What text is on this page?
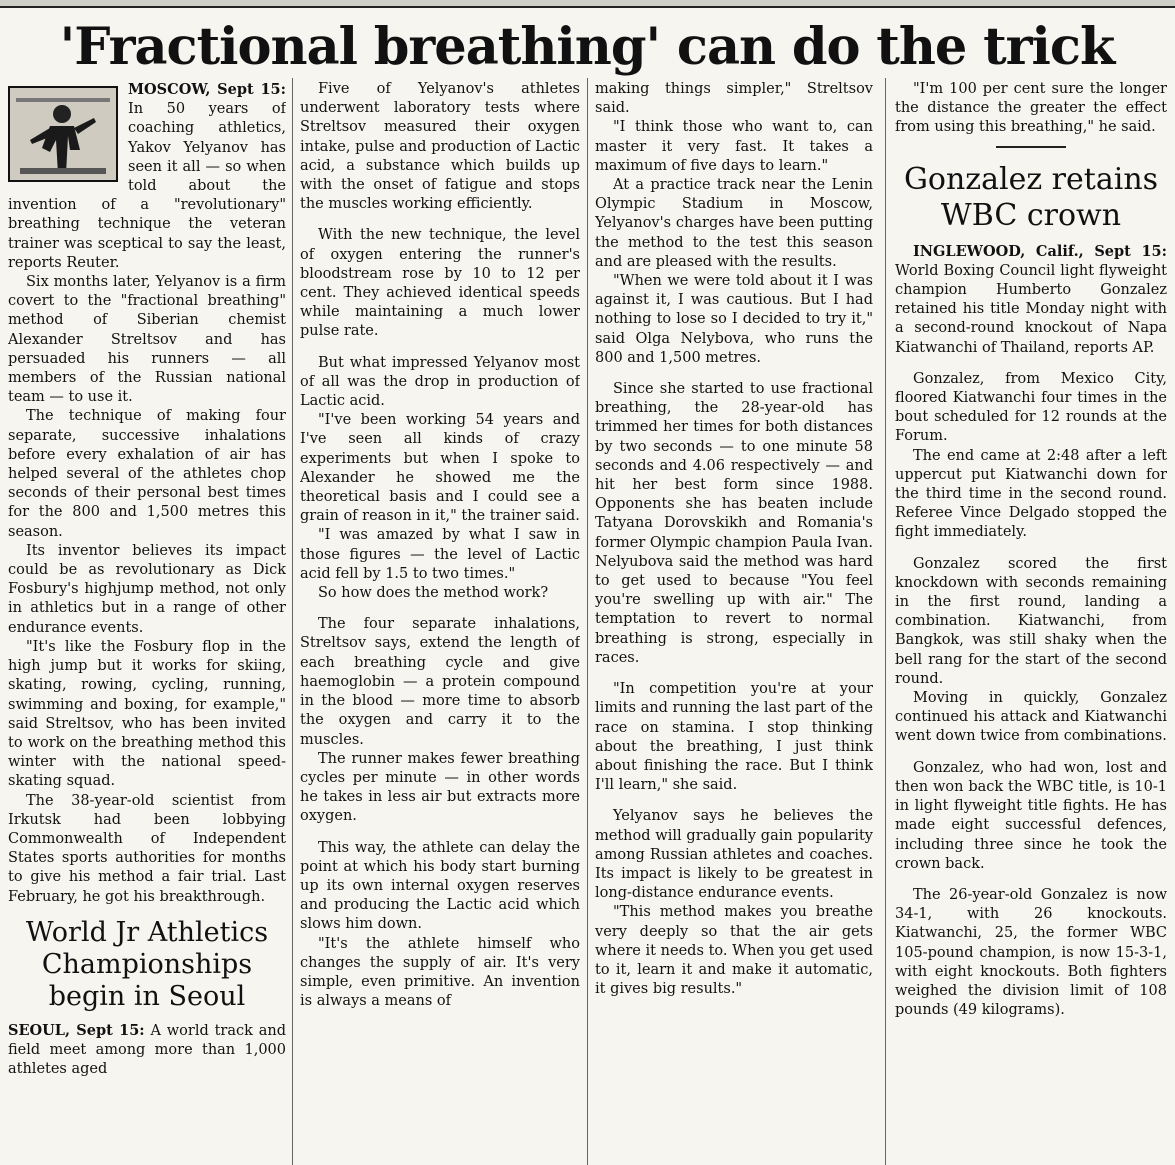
'Fractional breathing' can do the trick

MOSCOW, Sept 15: In 50 years of coaching athletics, Yakov Yelyanov has seen it all — so when told about the invention of a "revolutionary" breathing technique the veteran trainer was sceptical to say the least, reports Reuter.

Six months later, Yelyanov is a firm covert to the "fractional breathing" method of Siberian chemist Alexander Streltsov and has persuaded his runners — all members of the Russian national team — to use it.

The technique of making four separate, successive inhalations before every exhalation of air has helped several of the athletes chop seconds of their personal best times for the 800 and 1,500 metres this season.

Its inventor believes its impact could be as revolutionary as Dick Fosbury's highjump method, not only in athletics but in a range of other endurance events.

"It's like the Fosbury flop in the high jump but it works for skiing, skating, rowing, cycling, running, swimming and boxing, for example," said Streltsov, who has been invited to work on the breathing method this winter with the national speed-skating squad.

The 38-year-old scientist from Irkutsk had been lobbying Commonwealth of Independent States sports authorities for months to give his method a fair trial. Last February, he got his breakthrough.

World Jr Athletics Championships begin in Seoul

SEOUL, Sept 15: A world track and field meet among more than 1,000 athletes aged

Five of Yelyanov's athletes underwent laboratory tests where Streltsov measured their oxygen intake, pulse and production of Lactic acid, a substance which builds up with the onset of fatigue and stops the muscles working efficiently.

With the new technique, the level of oxygen entering the runner's bloodstream rose by 10 to 12 per cent. They achieved identical speeds while maintaining a much lower pulse rate.

But what impressed Yelyanov most of all was the drop in production of Lactic acid.

"I've been working 54 years and I've seen all kinds of crazy experiments but when I spoke to Alexander he showed me the theoretical basis and I could see a grain of reason in it," the trainer said.

"I was amazed by what I saw in those figures — the level of Lactic acid fell by 1.5 to two times."

So how does the method work?

The four separate inhalations, Streltsov says, extend the length of each breathing cycle and give haemoglobin — a protein compound in the blood — more time to absorb the oxygen and carry it to the muscles.

The runner makes fewer breathing cycles per minute — in other words he takes in less air but extracts more oxygen.

This way, the athlete can delay the point at which his body start burning up its own internal oxygen reserves and producing the Lactic acid which slows him down.

"It's the athlete himself who changes the supply of air. It's very simple, even primitive. An invention is always a means of

making things simpler," Streltsov said.

"I think those who want to, can master it very fast. It takes a maximum of five days to learn."

At a practice track near the Lenin Olympic Stadium in Moscow, Yelyanov's charges have been putting the method to the test this season and are pleased with the results.

"When we were told about it I was against it, I was cautious. But I had nothing to lose so I decided to try it," said Olga Nelybova, who runs the 800 and 1,500 metres.

Since she started to use fractional breathing, the 28-year-old has trimmed her times for both distances by two seconds — to one minute 58 seconds and 4.06 respectively — and hit her best form since 1988. Opponents she has beaten include Tatyana Dorovskikh and Romania's former Olympic champion Paula Ivan. Nelyubova said the method was hard to get used to because "You feel you're swelling up with air." The temptation to revert to normal breathing is strong, especially in races.

"In competition you're at your limits and running the last part of the race on stamina. I stop thinking about the breathing, I just think about finishing the race. But I think I'll learn," she said.

Yelyanov says he believes the method will gradually gain popularity among Russian athletes and coaches. Its impact is likely to be greatest in long-distance endurance events.

"This method makes you breathe very deeply so that the air gets where it needs to. When you get used to it, learn it and make it automatic, it gives big results."

"I'm 100 per cent sure the longer the distance the greater the effect from using this breathing," he said.

Gonzalez retains WBC crown

INGLEWOOD, Calif., Sept 15: World Boxing Council light flyweight champion Humberto Gonzalez retained his title Monday night with a second-round knockout of Napa Kiatwanchi of Thailand, reports AP.

Gonzalez, from Mexico City, floored Kiatwanchi four times in the bout scheduled for 12 rounds at the Forum.

The end came at 2:48 after a left uppercut put Kiatwanchi down for the third time in the second round. Referee Vince Delgado stopped the fight immediately.

Gonzalez scored the first knockdown with seconds remaining in the first round, landing a combination. Kiatwanchi, from Bangkok, was still shaky when the bell rang for the start of the second round.

Moving in quickly, Gonzalez continued his attack and Kiatwanchi went down twice from combinations.

Gonzalez, who had won, lost and then won back the WBC title, is 10-1 in light flyweight title fights. He has made eight successful defences, including three since he took the crown back.

The 26-year-old Gonzalez is now 34-1, with 26 knockouts. Kiatwanchi, 25, the former WBC 105-pound champion, is now 15-3-1, with eight knockouts. Both fighters weighed the division limit of 108 pounds (49 kilograms).
